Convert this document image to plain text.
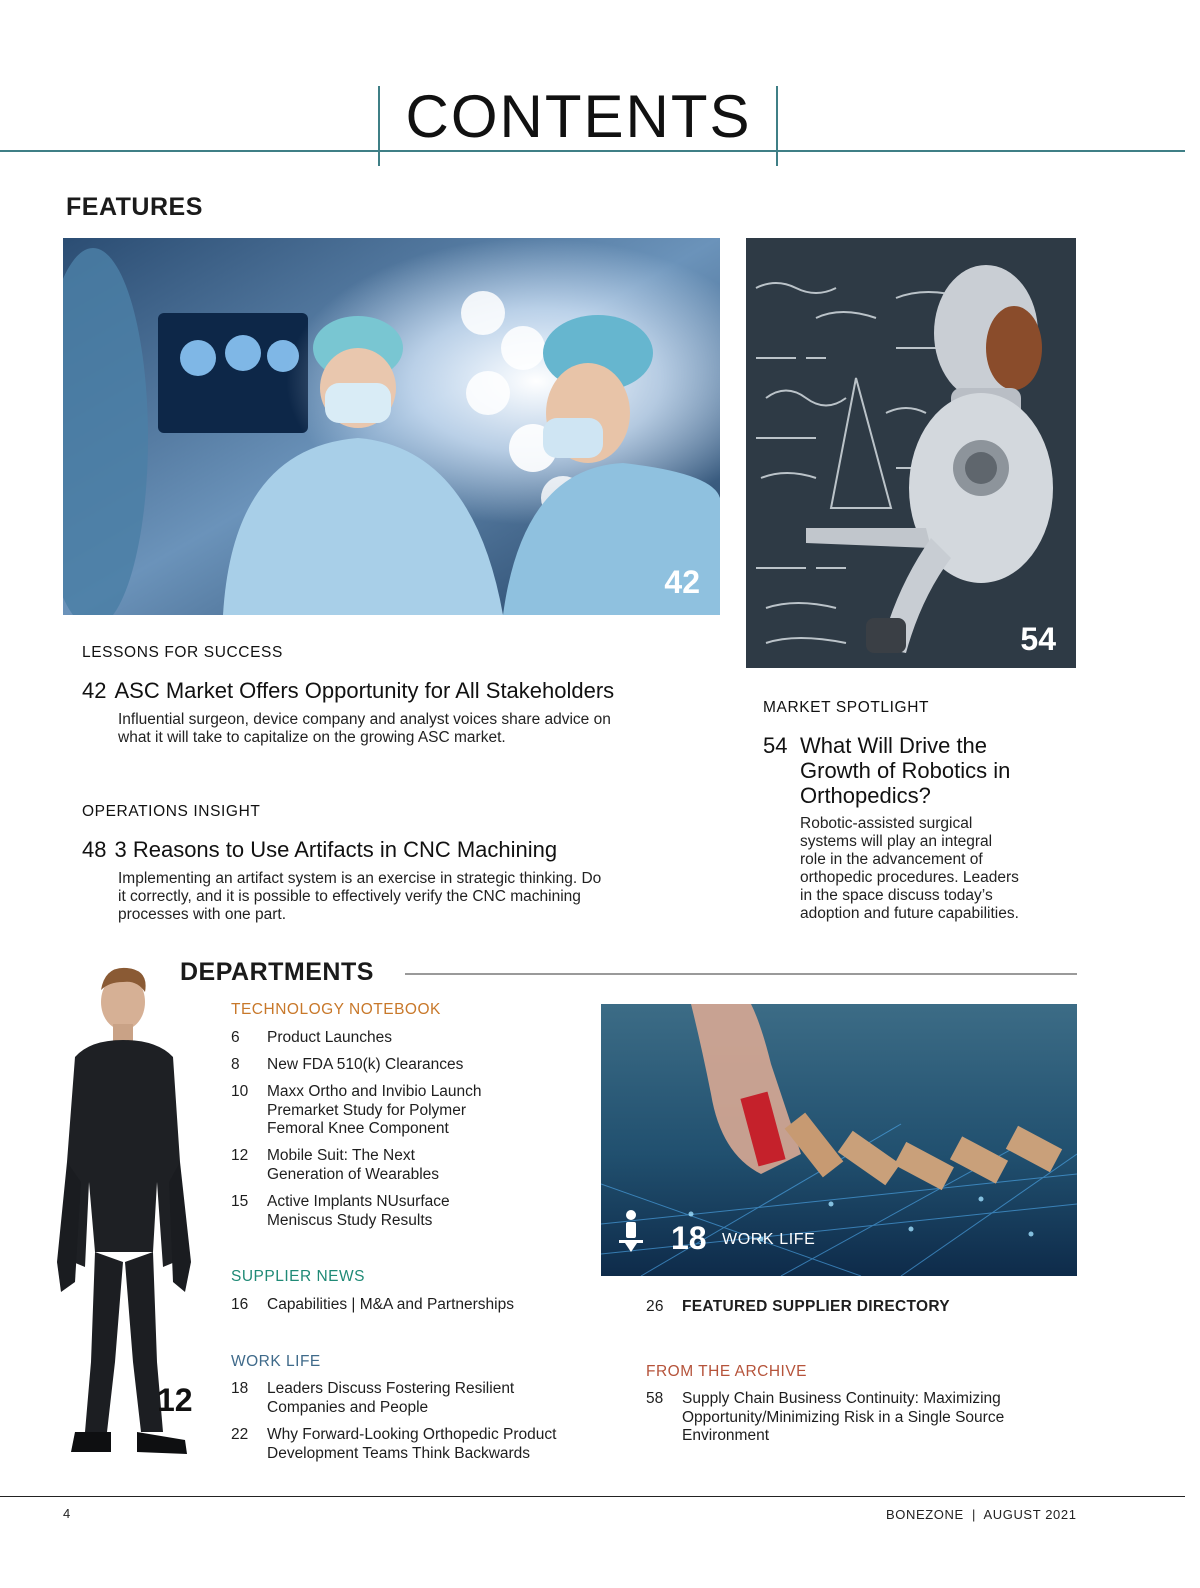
CONTENTS
FEATURES
42
54
LESSONS FOR SUCCESS
42 ASC Market Offers Opportunity for All Stakeholders
Influential surgeon, device company and analyst voices share advice on
what it will take to capitalize on the growing ASC market.
OPERATIONS INSIGHT
48 3 Reasons to Use Artifacts in CNC Machining
Implementing an artifact system is an exercise in strategic thinking. Do
it correctly, and it is possible to effectively verify the CNC machining
processes with one part.
MARKET SPOTLIGHT
54 What Will Drive the
Growth of Robotics in
Orthopedics?
Robotic-assisted surgical
systems will play an integral
role in the advancement of
orthopedic procedures. Leaders
in the space discuss today’s
adoption and future capabilities.
DEPARTMENTS
12
TECHNOLOGY NOTEBOOK
6	Product Launches
8	New FDA 510(k) Clearances
10	Maxx Ortho and Invibio Launch
Premarket Study for Polymer
Femoral Knee Component
12	Mobile Suit: The Next
Generation of Wearables
15	Active Implants NUsurface
Meniscus Study Results
SUPPLIER NEWS
16	Capabilities | M&A and Partnerships
WORK LIFE
18	Leaders Discuss Fostering Resilient
Companies and People
22	Why Forward-Looking Orthopedic Product
Development Teams Think Backwards
18 WORK LIFE
26	FEATURED SUPPLIER DIRECTORY
FROM THE ARCHIVE
58	Supply Chain Business Continuity: Maximizing
Opportunity/Minimizing Risk in a Single Source
Environment
4	BONEZONE | AUGUST 2021
